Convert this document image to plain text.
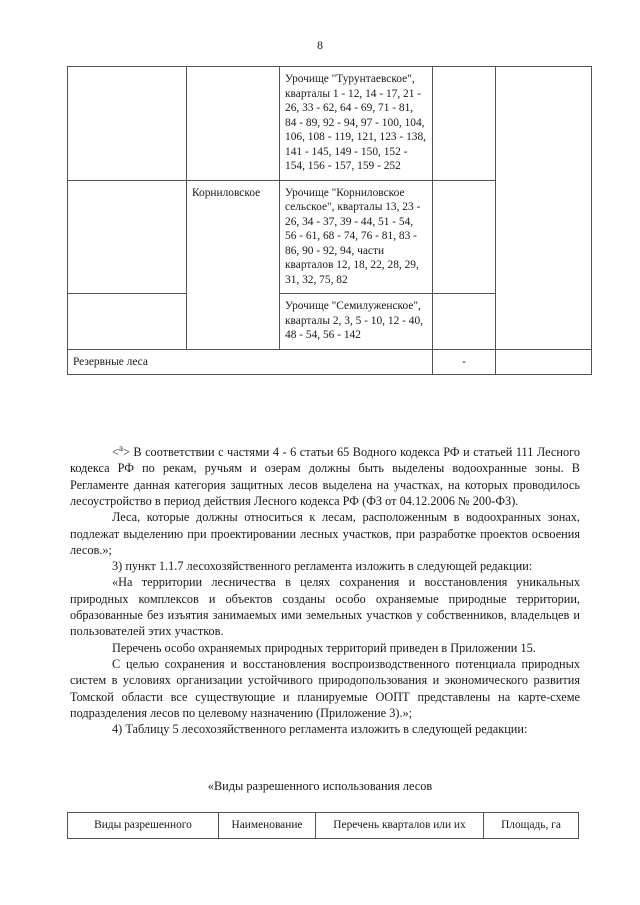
8
		Урочище "Турунтаевское", кварталы 1 - 12, 14 - 17, 21 - 26, 33 - 62, 64 - 69, 71 - 81, 84 - 89, 92 - 94, 97 - 100, 104, 106, 108 - 119, 121, 123 - 138, 141 - 145, 149 - 150, 152 - 154, 156 - 157, 159 - 252		
	Корниловское	Урочище "Корниловское сельское", кварталы 13, 23 - 26, 34 - 37, 39 - 44, 51 - 54, 56 - 61, 68 - 74, 76 - 81, 83 - 86, 90 - 92, 94, части кварталов 12, 18, 22, 28, 29, 31, 32, 75, 82		
		Урочище "Семилуженское", кварталы 2, 3, 5 - 10, 12 - 40, 48 - 54, 56 - 142		
Резервные леса			-	

<$^a$> В соответствии с частями 4 - 6 статьи 65 Водного кодекса РФ и статьей 111 Лесного кодекса РФ по рекам, ручьям и озерам должны быть выделены водоохранные зоны. В Регламенте данная категория защитных лесов выделена на участках, на которых проводилось лесоустройство в период действия Лесного кодекса РФ (ФЗ от 04.12.2006 № 200-ФЗ).

Леса, которые должны относиться к лесам, расположенным в водоохранных зонах, подлежат выделению при проектировании лесных участков, при разработке проектов освоения лесов.»;

3) пункт 1.1.7 лесохозяйственного регламента изложить в следующей редакции:

«На территории лесничества в целях сохранения и восстановления уникальных природных комплексов и объектов созданы особо охраняемые природные территории, образованные без изъятия занимаемых ими земельных участков у собственников, владельцев и пользователей этих участков.

Перечень особо охраняемых природных территорий приведен в Приложении 15.

С целью сохранения и восстановления воспроизводственного потенциала природных систем в условиях организации устойчивого природопользования и экономического развития Томской области все существующие и планируемые ООПТ представлены на карте-схеме подразделения лесов по целевому назначению (Приложение 3).»;

4) Таблицу 5 лесохозяйственного регламента изложить в следующей редакции:

«Виды разрешенного использования лесов
Виды разрешенного	Наименование	Перечень кварталов или их	Площадь, га
